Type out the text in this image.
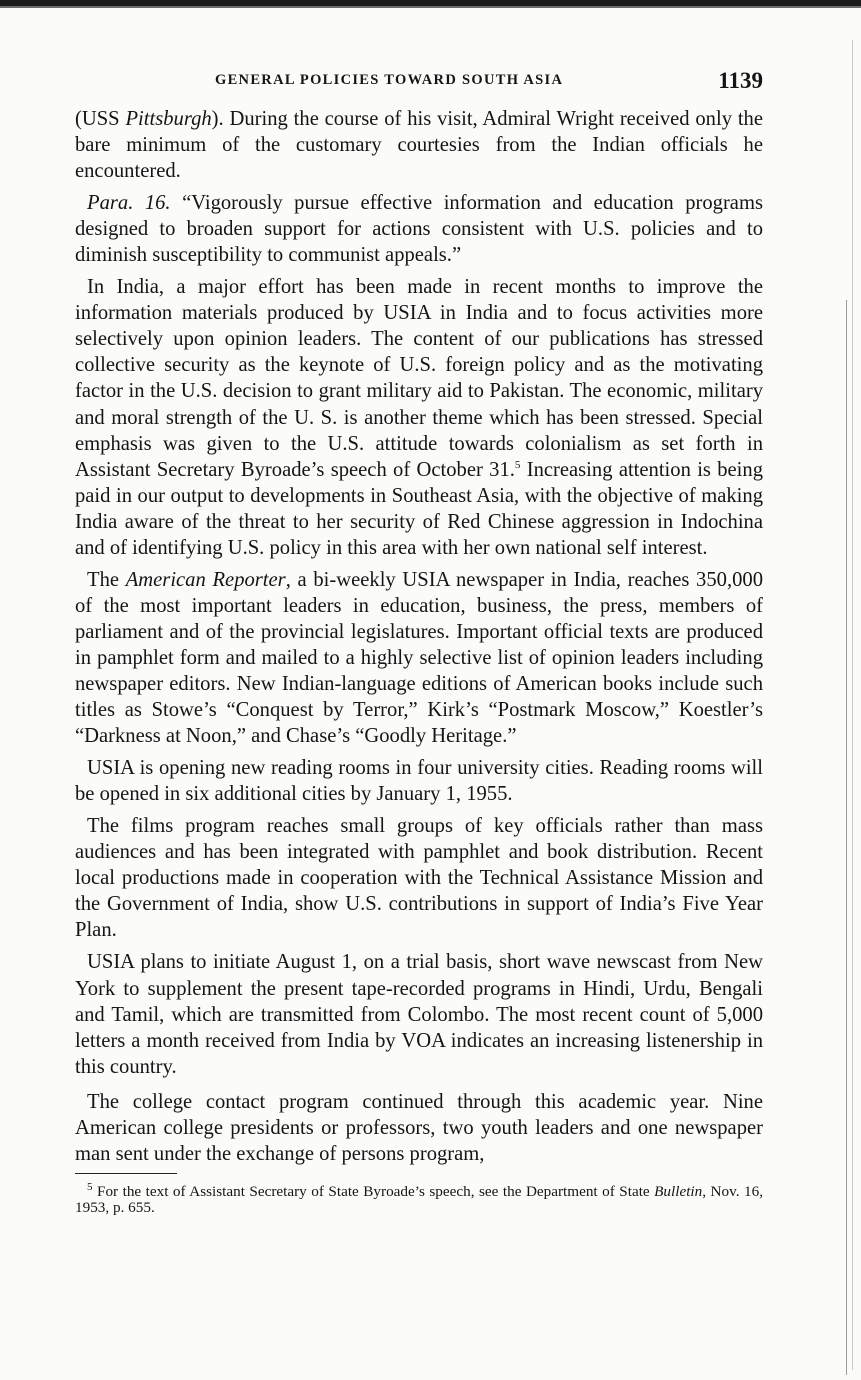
GENERAL POLICIES TOWARD SOUTH ASIA	1139

(USS Pittsburgh). During the course of his visit, Admiral Wright received only the bare minimum of the customary courtesies from the Indian officials he encountered.

Para. 16. “Vigorously pursue effective information and education programs designed to broaden support for actions consistent with U.S. policies and to diminish susceptibility to communist appeals.”

In India, a major effort has been made in recent months to improve the information materials produced by USIA in India and to focus activities more selectively upon opinion leaders. The content of our publications has stressed collective security as the keynote of U.S. foreign policy and as the motivating factor in the U.S. decision to grant military aid to Pakistan. The economic, military and moral strength of the U. S. is another theme which has been stressed. Special emphasis was given to the U.S. attitude towards colonialism as set forth in Assistant Secretary Byroade’s speech of October 31.$^5$ Increasing attention is being paid in our output to developments in Southeast Asia, with the objective of making India aware of the threat to her security of Red Chinese aggression in Indochina and of identifying U.S. policy in this area with her own national self interest.

The American Reporter, a bi-weekly USIA newspaper in India, reaches 350,000 of the most important leaders in education, business, the press, members of parliament and of the provincial legislatures. Important official texts are produced in pamphlet form and mailed to a highly selective list of opinion leaders including newspaper editors. New Indian-language editions of American books include such titles as Stowe’s “Conquest by Terror,” Kirk’s “Postmark Moscow,” Koestler’s “Darkness at Noon,” and Chase’s “Goodly Heritage.”

USIA is opening new reading rooms in four university cities. Reading rooms will be opened in six additional cities by January 1, 1955.

The films program reaches small groups of key officials rather than mass audiences and has been integrated with pamphlet and book distribution. Recent local productions made in cooperation with the Technical Assistance Mission and the Government of India, show U.S. contributions in support of India’s Five Year Plan.

USIA plans to initiate August 1, on a trial basis, short wave newscast from New York to supplement the present tape-recorded programs in Hindi, Urdu, Bengali and Tamil, which are transmitted from Colombo. The most recent count of 5,000 letters a month received from India by VOA indicates an increasing listenership in this country.

The college contact program continued through this academic year. Nine American college presidents or professors, two youth leaders and one newspaper man sent under the exchange of persons program,

$^5$ For the text of Assistant Secretary of State Byroade’s speech, see the Department of State Bulletin, Nov. 16, 1953, p. 655.
